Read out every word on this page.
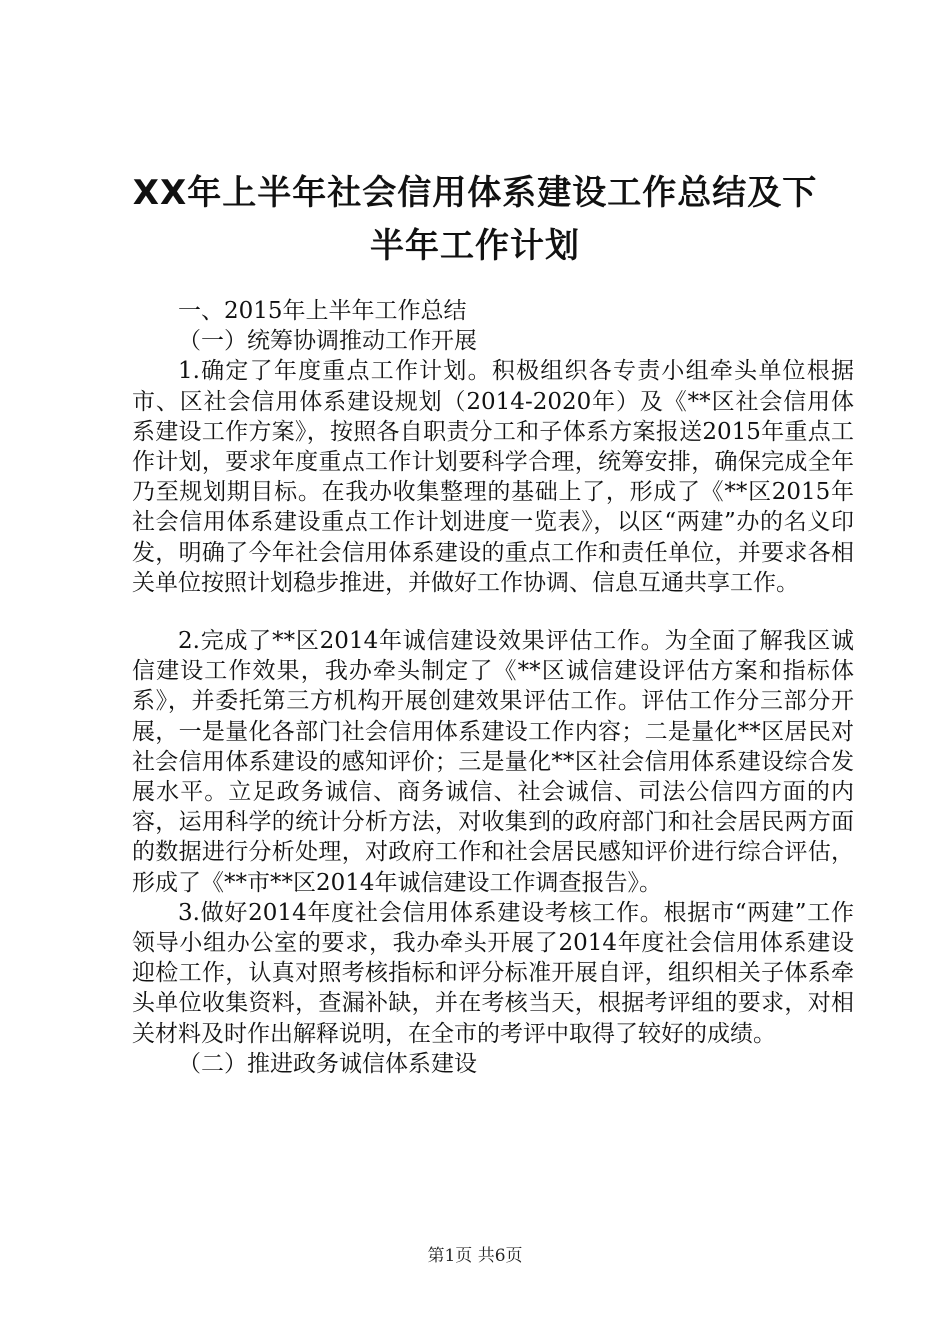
XX年上半年社会信用体系建设工作总结及下
半年工作计划

一、2015年上半年工作总结

（一）统筹协调推动工作开展

1.确定了年度重点工作计划。积极组织各专责小组牵头单位根据市、区社会信用体系建设规划（2014-2020年）及《**区社会信用体系建设工作方案》，按照各自职责分工和子体系方案报送2015年重点工作计划，要求年度重点工作计划要科学合理，统筹安排，确保完成全年乃至规划期目标。在我办收集整理的基础上了，形成了《**区2015年社会信用体系建设重点工作计划进度一览表》，以区“两建”办的名义印发，明确了今年社会信用体系建设的重点工作和责任单位，并要求各相关单位按照计划稳步推进，并做好工作协调、信息互通共享工作。

2.完成了**区2014年诚信建设效果评估工作。为全面了解我区诚信建设工作效果，我办牵头制定了《**区诚信建设评估方案和指标体系》，并委托第三方机构开展创建效果评估工作。评估工作分三部分开展，一是量化各部门社会信用体系建设工作内容；二是量化**区居民对社会信用体系建设的感知评价；三是量化**区社会信用体系建设综合发展水平。立足政务诚信、商务诚信、社会诚信、司法公信四方面的内容，运用科学的统计分析方法，对收集到的政府部门和社会居民两方面的数据进行分析处理，对政府工作和社会居民感知评价进行综合评估，形成了《**市**区2014年诚信建设工作调查报告》。

3.做好2014年度社会信用体系建设考核工作。根据市“两建”工作领导小组办公室的要求，我办牵头开展了2014年度社会信用体系建设迎检工作，认真对照考核指标和评分标准开展自评，组织相关子体系牵头单位收集资料，查漏补缺，并在考核当天，根据考评组的要求，对相关材料及时作出解释说明，在全市的考评中取得了较好的成绩。

（二）推进政务诚信体系建设

第1页 共6页
